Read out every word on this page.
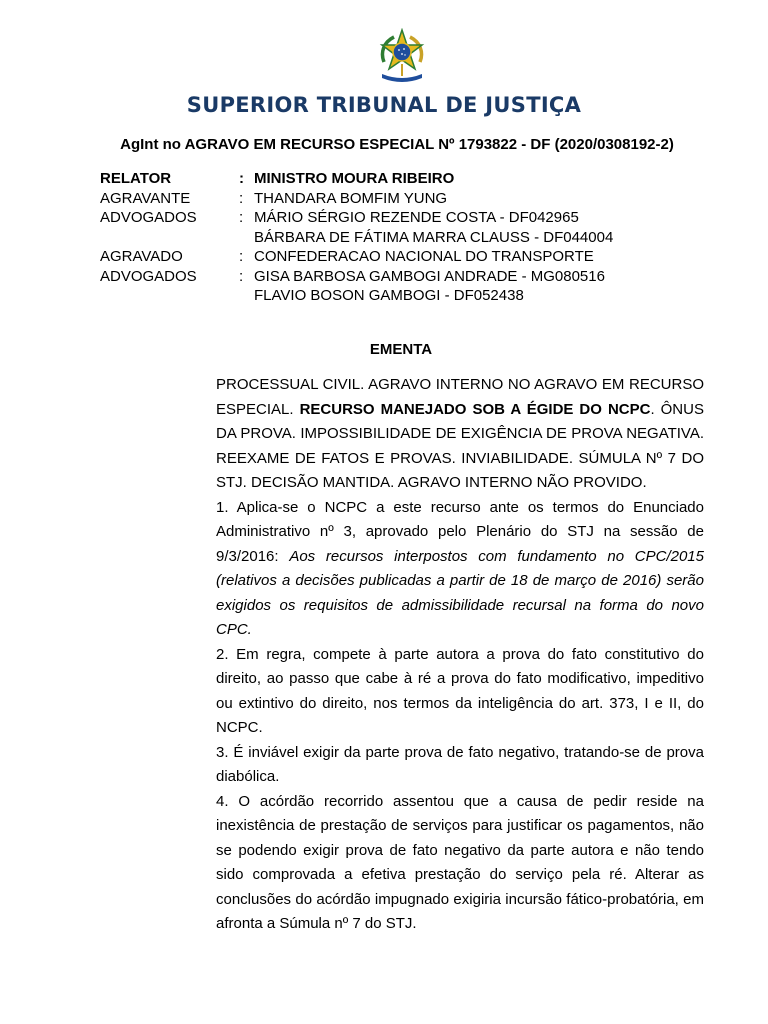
SUPERIOR TRIBUNAL DE JUSTIÇA
AgInt no AGRAVO EM RECURSO ESPECIAL Nº 1793822 - DF (2020/0308192-2)
RELATOR	: MINISTRO MOURA RIBEIRO
AGRAVANTE	: THANDARA BOMFIM YUNG
ADVOGADOS	: MÁRIO SÉRGIO REZENDE COSTA - DF042965
BÁRBARA DE FÁTIMA MARRA CLAUSS - DF044004
AGRAVADO	: CONFEDERACAO NACIONAL DO TRANSPORTE
ADVOGADOS	: GISA BARBOSA GAMBOGI ANDRADE - MG080516
FLAVIO BOSON GAMBOGI - DF052438
EMENTA

PROCESSUAL CIVIL. AGRAVO INTERNO NO AGRAVO EM RECURSO ESPECIAL. RECURSO MANEJADO SOB A ÉGIDE DO NCPC. ÔNUS DA PROVA. IMPOSSIBILIDADE DE EXIGÊNCIA DE PROVA NEGATIVA. REEXAME DE FATOS E PROVAS. INVIABILIDADE. SÚMULA Nº 7 DO STJ. DECISÃO MANTIDA. AGRAVO INTERNO NÃO PROVIDO.

1. Aplica-se o NCPC a este recurso ante os termos do Enunciado Administrativo nº 3, aprovado pelo Plenário do STJ na sessão de 9/3/2016: Aos recursos interpostos com fundamento no CPC/2015 (relativos a decisões publicadas a partir de 18 de março de 2016) serão exigidos os requisitos de admissibilidade recursal na forma do novo CPC.

2. Em regra, compete à parte autora a prova do fato constitutivo do direito, ao passo que cabe à ré a prova do fato modificativo, impeditivo ou extintivo do direito, nos termos da inteligência do art. 373, I e II, do NCPC.

3. É inviável exigir da parte prova de fato negativo, tratando-se de prova diabólica.

4. O acórdão recorrido assentou que a causa de pedir reside na inexistência de prestação de serviços para justificar os pagamentos, não se podendo exigir prova de fato negativo da parte autora e não tendo sido comprovada a efetiva prestação do serviço pela ré. Alterar as conclusões do acórdão impugnado exigiria incursão fático-probatória, em afronta a Súmula nº 7 do STJ.
